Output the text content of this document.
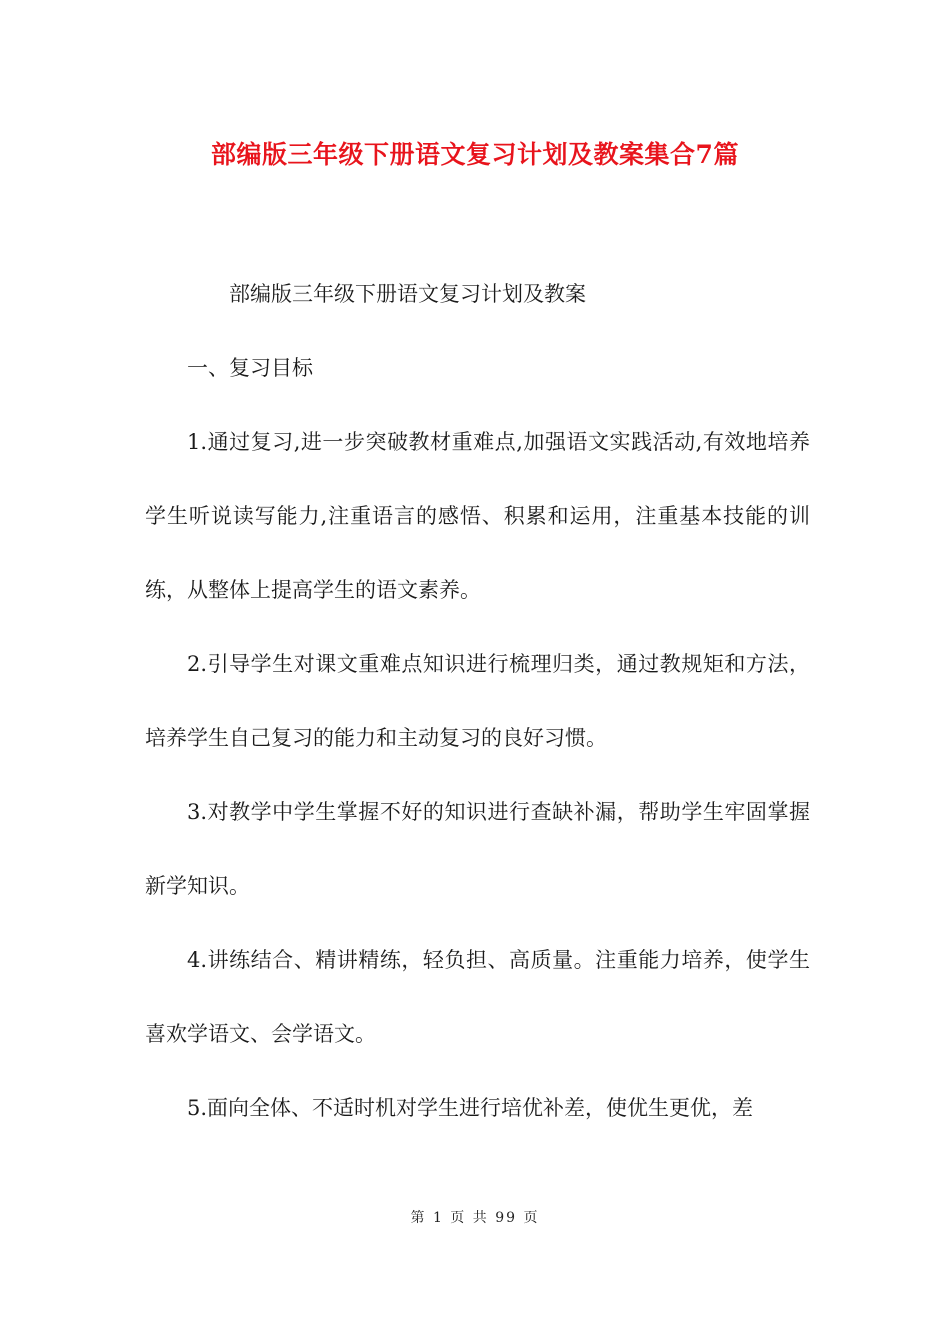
部编版三年级下册语文复习计划及教案集合7篇

部编版三年级下册语文复习计划及教案

一、复习目标

1.通过复习,进一步突破教材重难点,加强语文实践活动,有效地培养学生听说读写能力,注重语言的感悟、积累和运用，注重基本技能的训练，从整体上提高学生的语文素养。

2.引导学生对课文重难点知识进行梳理归类，通过教规矩和方法，培养学生自己复习的能力和主动复习的良好习惯。

3.对教学中学生掌握不好的知识进行查缺补漏，帮助学生牢固掌握新学知识。

4.讲练结合、精讲精练，轻负担、高质量。注重能力培养，使学生喜欢学语文、会学语文。

5.面向全体、不适时机对学生进行培优补差，使优生更优，差

第 1 页 共 99 页
